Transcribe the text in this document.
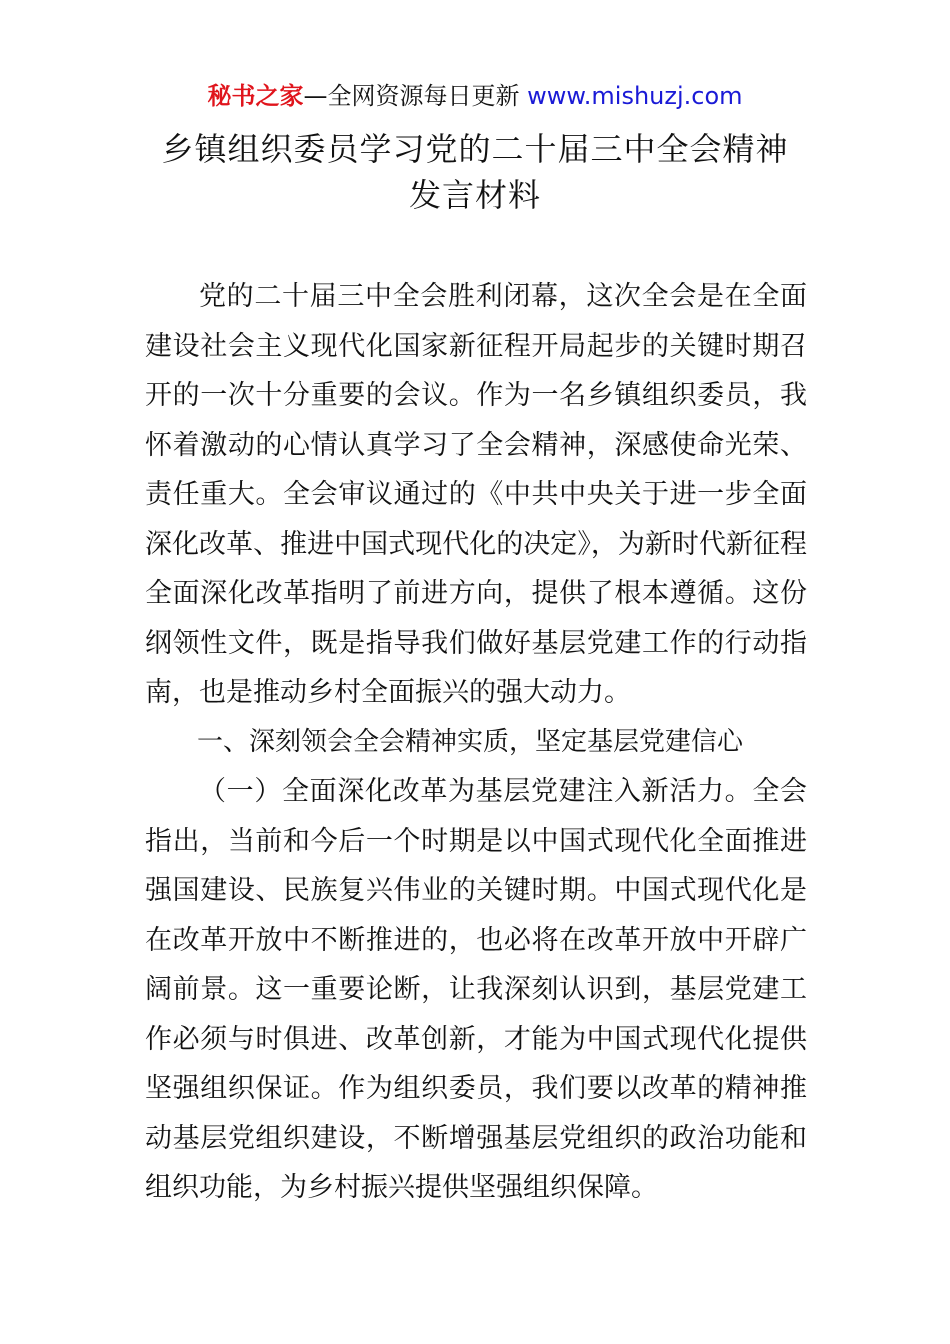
秘书之家—全网资源每日更新 www.mishuzj.com
乡镇组织委员学习党的二十届三中全会精神
发言材料

党的二十届三中全会胜利闭幕，这次全会是在全面建设社会主义现代化国家新征程开局起步的关键时期召开的一次十分重要的会议。作为一名乡镇组织委员，我怀着激动的心情认真学习了全会精神，深感使命光荣、责任重大。全会审议通过的《中共中央关于进一步全面深化改革、推进中国式现代化的决定》，为新时代新征程全面深化改革指明了前进方向，提供了根本遵循。这份纲领性文件，既是指导我们做好基层党建工作的行动指南，也是推动乡村全面振兴的强大动力。

一、深刻领会全会精神实质，坚定基层党建信心

（一）全面深化改革为基层党建注入新活力。全会指出，当前和今后一个时期是以中国式现代化全面推进强国建设、民族复兴伟业的关键时期。中国式现代化是在改革开放中不断推进的，也必将在改革开放中开辟广阔前景。这一重要论断，让我深刻认识到，基层党建工作必须与时俱进、改革创新，才能为中国式现代化提供坚强组织保证。作为组织委员，我们要以改革的精神推动基层党组织建设，不断增强基层党组织的政治功能和组织功能，为乡村振兴提供坚强组织保障。
